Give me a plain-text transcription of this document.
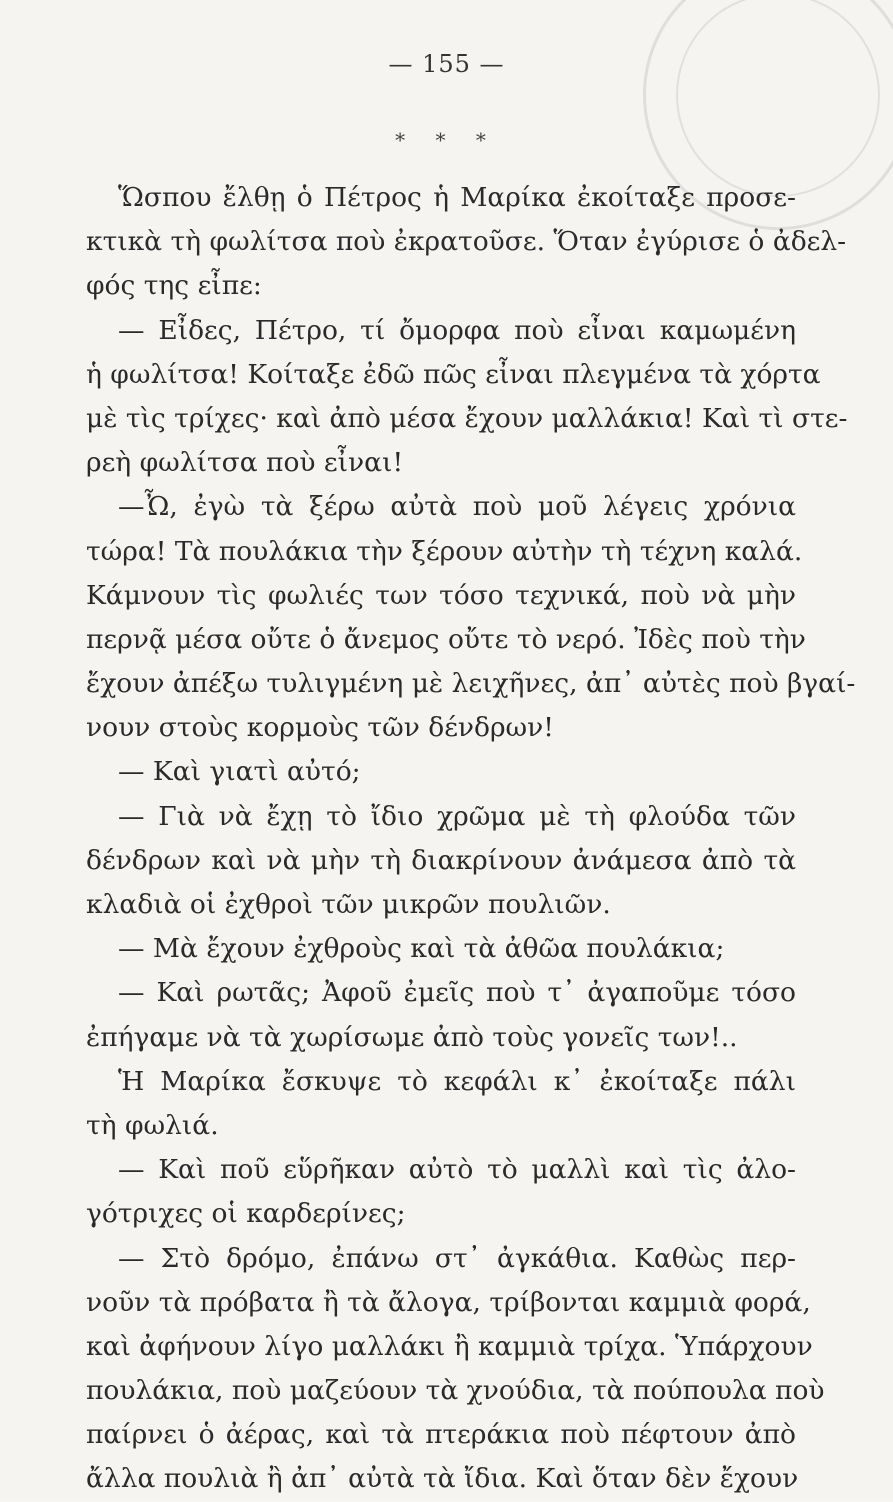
— 155 —
* * *
Ὥσπου ἔλθῃ ὁ Πέτρος ἡ Μαρίκα ἐκοίταξε προσε-
κτικὰ τὴ φωλίτσα ποὺ ἐκρατοῦσε. Ὅταν ἐγύρισε ὁ ἀδελ-
φός της εἶπε:
— Εἶδες, Πέτρο, τί ὄμορφα ποὺ εἶναι καμωμένη
ἡ φωλίτσα! Κοίταξε ἐδῶ πῶς εἶναι πλεγμένα τὰ χόρτα
μὲ τὶς τρίχες· καὶ ἀπὸ μέσα ἔχουν μαλλάκια! Καὶ τὶ στε-
ρεὴ φωλίτσα ποὺ εἶναι!
—Ὦ, ἐγὼ τὰ ξέρω αὐτὰ ποὺ μοῦ λέγεις χρόνια
τώρα! Τὰ πουλάκια τὴν ξέρουν αὐτὴν τὴ τέχνη καλά.
Κάμνουν τὶς φωλιές των τόσο τεχνικά, ποὺ νὰ μὴν
περνᾷ μέσα οὔτε ὁ ἄνεμος οὔτε τὸ νερό. Ἰδὲς ποὺ τὴν
ἔχουν ἀπέξω τυλιγμένη μὲ λειχῆνες, ἀπ᾽ αὐτὲς ποὺ βγαί-
νουν στοὺς κορμοὺς τῶν δένδρων!
— Καὶ γιατὶ αὐτό;
— Γιὰ νὰ ἔχῃ τὸ ἴδιο χρῶμα μὲ τὴ φλούδα τῶν
δένδρων καὶ νὰ μὴν τὴ διακρίνουν ἀνάμεσα ἀπὸ τὰ
κλαδιὰ οἱ ἐχθροὶ τῶν μικρῶν πουλιῶν.
— Μὰ ἔχουν ἐχθροὺς καὶ τὰ ἀθῶα πουλάκια;
— Καὶ ρωτᾶς; Ἀφοῦ ἐμεῖς ποὺ τ᾽ ἀγαποῦμε τόσο
ἐπήγαμε νὰ τὰ χωρίσωμε ἀπὸ τοὺς γονεῖς των!..
Ἡ Μαρίκα ἔσκυψε τὸ κεφάλι κ᾽ ἐκοίταξε πάλι
τὴ φωλιά.
— Καὶ ποῦ εὕρῆκαν αὐτὸ τὸ μαλλὶ καὶ τὶς ἀλο-
γότριχες οἱ καρδερίνες;
— Στὸ δρόμο, ἐπάνω στ᾽ ἀγκάθια. Καθὼς περ-
νοῦν τὰ πρόβατα ἢ τὰ ἄλογα, τρίβονται καμμιὰ φορά,
καὶ ἀφήνουν λίγο μαλλάκι ἢ καμμιὰ τρίχα. Ὑπάρχουν
πουλάκια, ποὺ μαζεύουν τὰ χνούδια, τὰ πούπουλα ποὺ
παίρνει ὁ ἀέρας, καὶ τὰ πτεράκια ποὺ πέφτουν ἀπὸ
ἄλλα πουλιὰ ἢ ἀπ᾽ αὐτὰ τὰ ἴδια. Καὶ ὅταν δὲν ἔχουν
